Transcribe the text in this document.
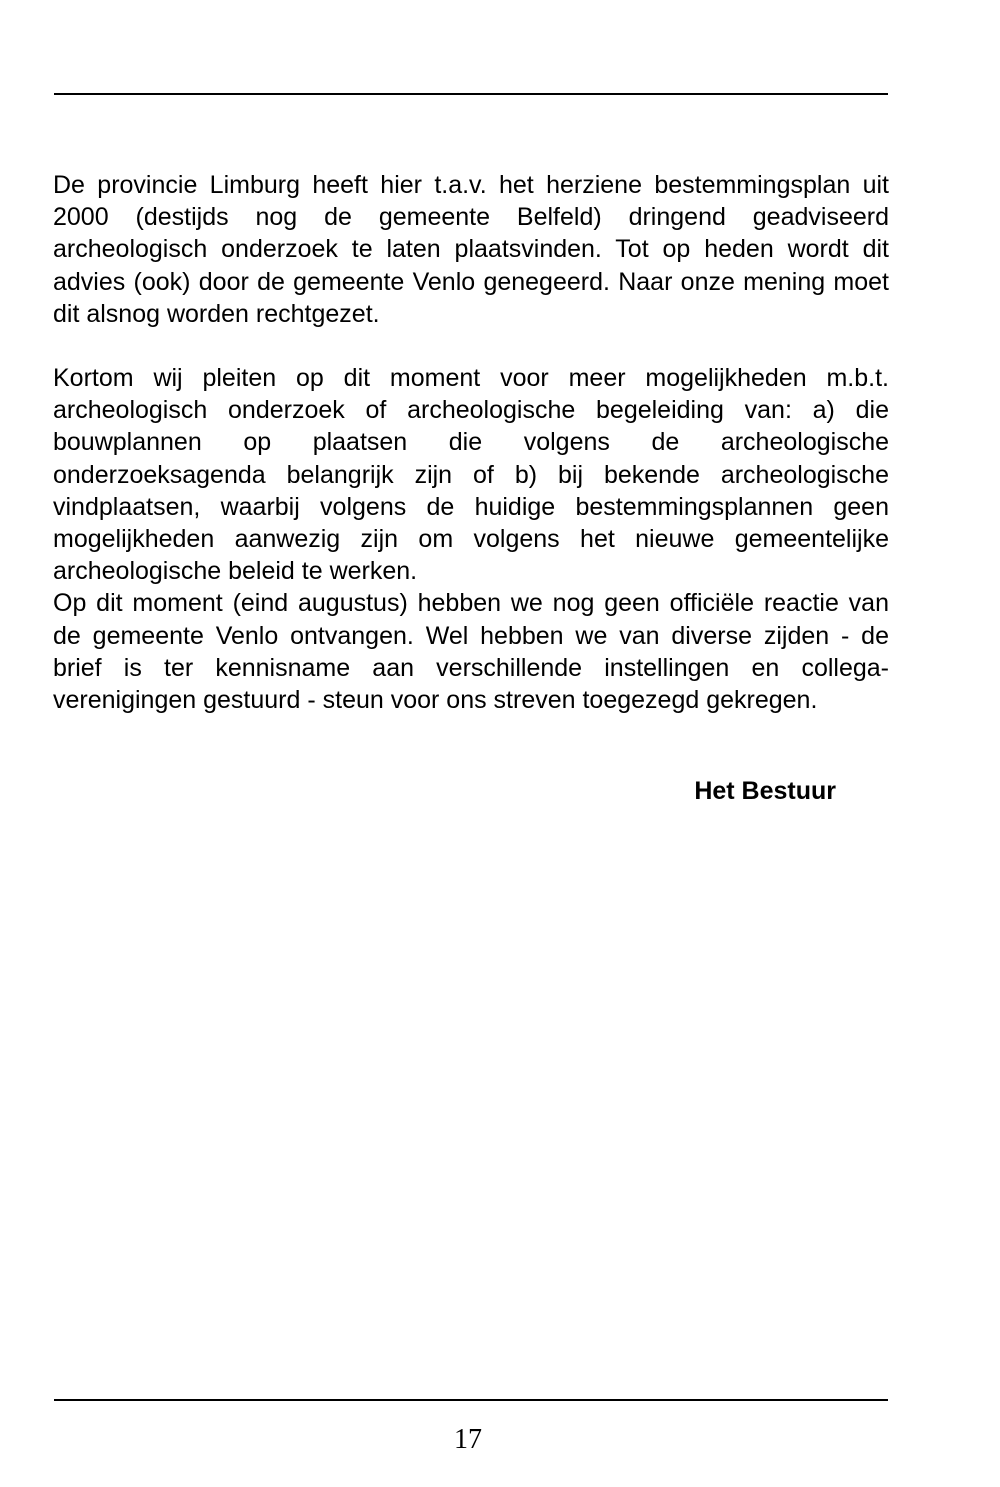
De provincie Limburg heeft hier t.a.v. het herziene bestemmingsplan uit 2000 (destijds nog de gemeente Belfeld) dringend geadviseerd archeologisch onderzoek te laten plaatsvinden. Tot op heden wordt dit advies (ook) door de gemeente Venlo genegeerd. Naar onze mening moet dit alsnog worden rechtgezet.

Kortom wij pleiten op dit moment voor meer mogelijkheden m.b.t. archeologisch onderzoek of archeologische begeleiding van: a) die bouwplannen op plaatsen die volgens de archeologische onderzoeksagenda belangrijk zijn of b) bij bekende archeologische vindplaatsen, waarbij volgens de huidige bestemmingsplannen geen mogelijkheden aanwezig zijn om volgens het nieuwe gemeentelijke archeologische beleid te werken.

Op dit moment (eind augustus) hebben we nog geen officiële reactie van de gemeente Venlo ontvangen. Wel hebben we van diverse zijden - de brief is ter kennisname aan verschillende instellingen en collega-verenigingen gestuurd - steun voor ons streven toegezegd gekregen.

Het Bestuur
17
